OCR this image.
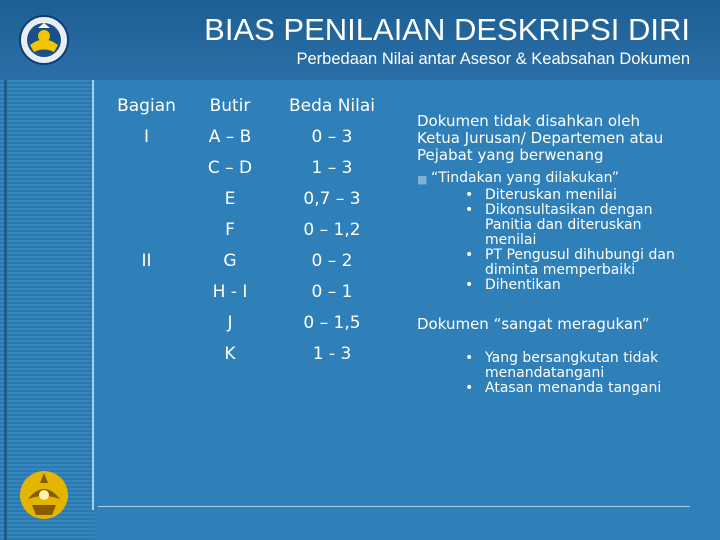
BIAS PENILAIAN DESKRIPSI DIRI
Perbedaan Nilai antar Asesor & Keabsahan Dokumen
Bagian	Butir	Beda Nilai
I	A – B	0 – 3
	C – D	1 – 3
	E	0,7 – 3
	F	0 – 1,2
II	G	0 – 2
	H - I	0 – 1
	J	0 – 1,5
	K	1 - 3

Dokumen tidak disahkan oleh Ketua Jurusan/ Departemen atau Pejabat yang berwenang

■ “Tindakan yang dilakukan”
• Diteruskan menilai
• Dikonsultasikan dengan Panitia dan diteruskan menilai
• PT Pengusul dihubungi dan diminta memperbaiki
• Dihentikan

Dokumen “sangat meragukan”

• Yang bersangkutan tidak menandatangani
• Atasan menanda tangani
